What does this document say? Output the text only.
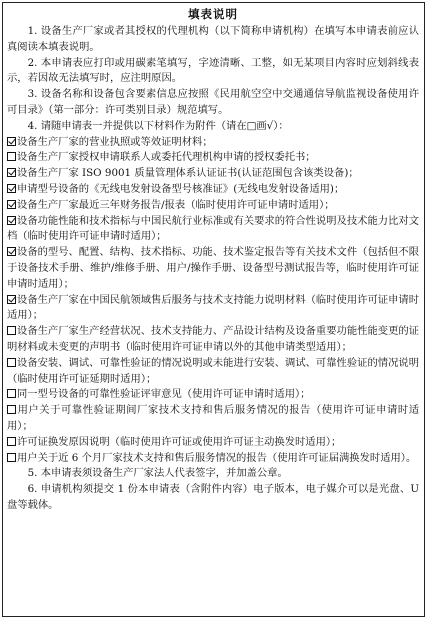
填表说明
1. 设备生产厂家或者其授权的代理机构（以下简称申请机构）在填写本申请表前应认真阅读本填表说明。
2. 本申请表应打印或用碳素笔填写，字迹清晰、工整，如无某项目内容时应划斜线表示，若因故无法填写时，应注明原因。
3. 设备名称和设备包含要素信息应按照《民用航空空中交通通信导航监视设备使用许可目录》（第一部分：许可类别目录）规范填写。
4. 请随申请表一并提供以下材料作为附件（请在□画√）：
设备生产厂家的营业执照或等效证明材料；
设备生产厂家授权申请联系人或委托代理机构申请的授权委托书；
设备生产厂家 ISO 9001 质量管理体系认证证书(认证范围包含该类设备)；
申请型号设备的《无线电发射设备型号核准证》(无线电发射设备适用)；
设备生产厂家最近三年财务报告/报表（临时使用许可证申请时适用）；
设备功能性能和技术指标与中国民航行业标准或有关要求的符合性说明及技术能力比对文档（临时使用许可证申请时适用）；
设备的型号、配置、结构、技术指标、功能、技术鉴定报告等有关技术文件（包括但不限于设备技术手册、维护/维修手册、用户/操作手册、设备型号测试报告等，临时使用许可证申请时适用）；
设备生产厂家在中国民航领域售后服务与技术支持能力说明材料（临时使用许可证申请时适用）；
设备生产厂家生产经营状况、技术支持能力、产品设计结构及设备重要功能性能变更的证明材料或未变更的声明书（临时使用许可证申请以外的其他申请类型适用）；
设备安装、调试、可靠性验证的情况说明或未能进行安装、调试、可靠性验证的情况说明（临时使用许可证延期时适用）；
同一型号设备的可靠性验证评审意见（使用许可证申请时适用）；
用户关于可靠性验证期间厂家技术支持和售后服务情况的报告（使用许可证申请时适用）；
许可证换发原因说明（临时使用许可证或使用许可证主动换发时适用）；
用户关于近 6 个月厂家技术支持和售后服务情况的报告（使用许可证届满换发时适用）。
5. 本申请表须设备生产厂家法人代表签字，并加盖公章。
6. 申请机构须提交 1 份本申请表（含附件内容）电子版本，电子媒介可以是光盘、U 盘等载体。
